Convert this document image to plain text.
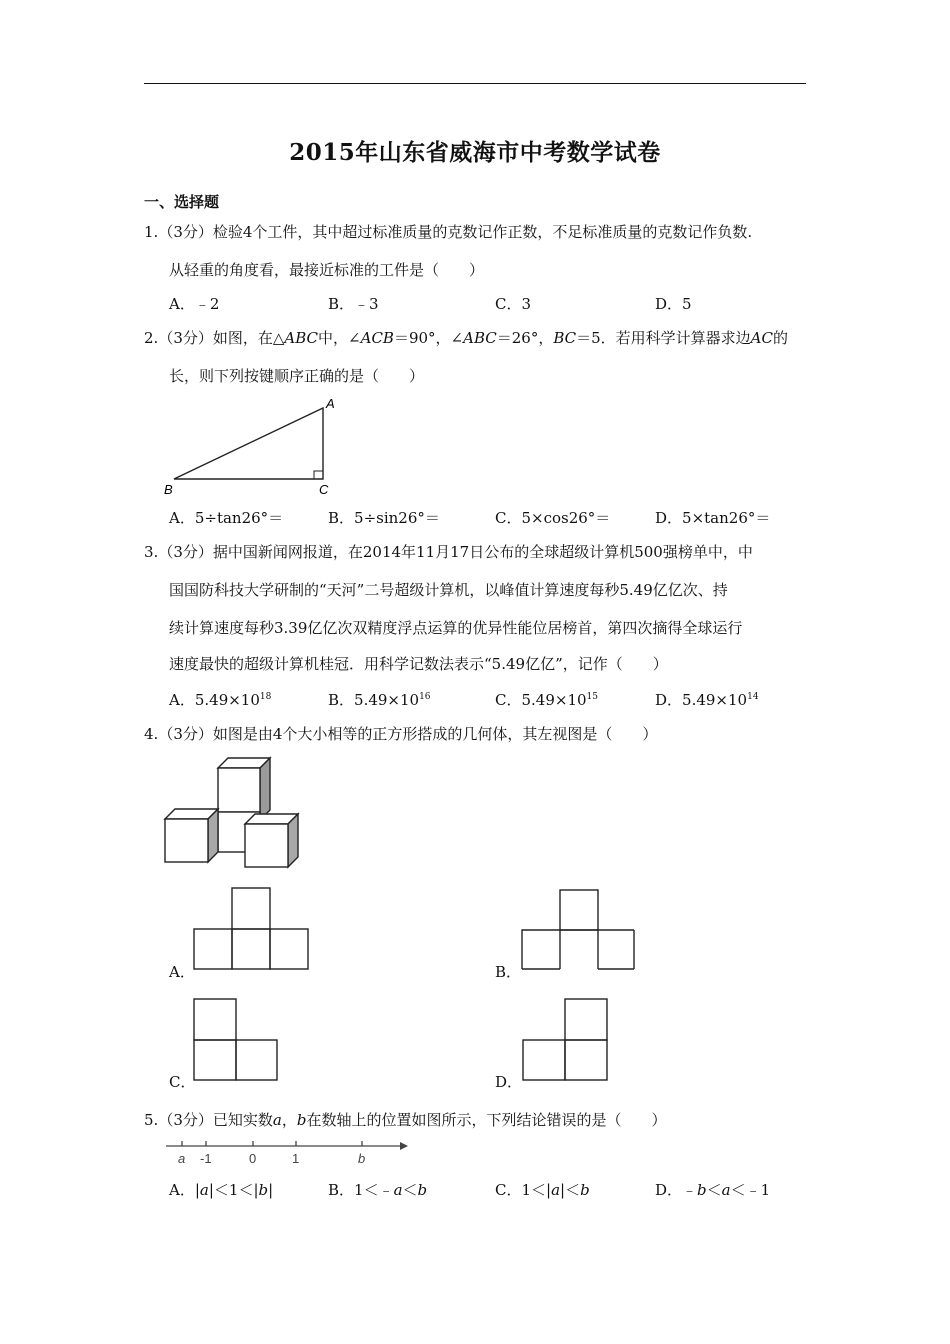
2015年山东省威海市中考数学试卷
一、选择题
1.（3分）检验4个工件，其中超过标准质量的克数记作正数，不足标准质量的克数记作负数.
从轻重的角度看，最接近标准的工件是（　　）
A．﹣2	B．﹣3	C．3	D．5
2.（3分）如图，在△ABC中，∠ACB＝90°，∠ABC＝26°，BC＝5．若用科学计算器求边AC的
长，则下列按键顺序正确的是（　　）
A
B	C
A．5÷tan26°＝	B．5÷sin26°＝	C．5×cos26°＝	D．5×tan26°＝
3.（3分）据中国新闻网报道，在2014年11月17日公布的全球超级计算机500强榜单中，中
国国防科技大学研制的“天河”二号超级计算机，以峰值计算速度每秒5.49亿亿次、持
续计算速度每秒3.39亿亿次双精度浮点运算的优异性能位居榜首，第四次摘得全球运行
速度最快的超级计算机桂冠．用科学记数法表示“5.49亿亿”，记作（　　）
A．$5.49\times 10^{18}$	B．$5.49\times 10^{16}$	C．$5.49\times 10^{15}$	D．$5.49\times 10^{14}$
4.（3分）如图是由4个大小相等的正方形搭成的几何体，其左视图是（　　）
A．	B．
C．	D．
5.（3分）已知实数a，b在数轴上的位置如图所示，下列结论错误的是（　　）
a -1	0	1	b
A．|a|＜1＜|b|	B．1＜﹣a＜b	C．1＜|a|＜b	D．﹣b＜a＜﹣1
